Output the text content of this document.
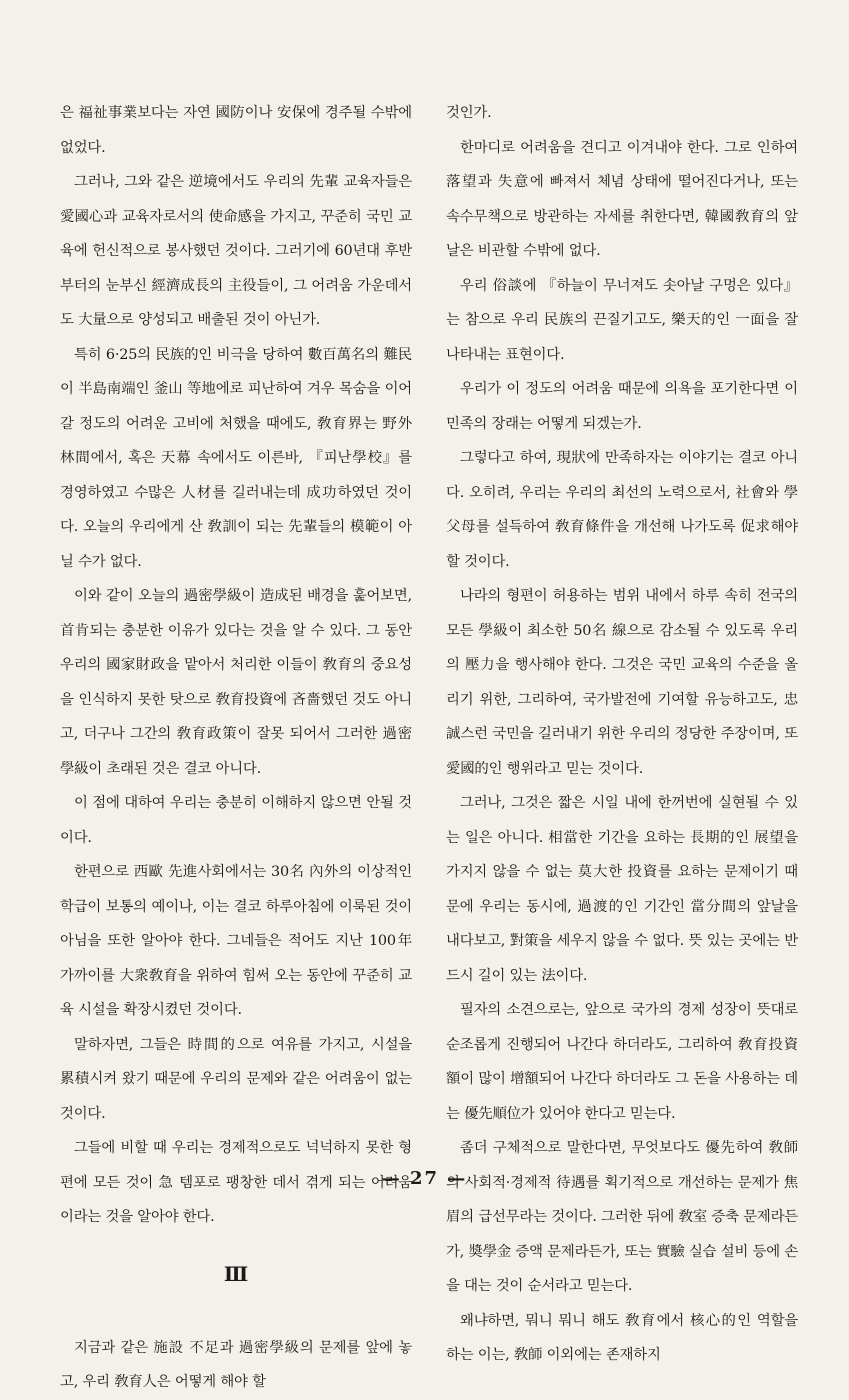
은 福祉事業보다는 자연 國防이나 安保에 경주될 수밖에 없었다.

그러나, 그와 같은 逆境에서도 우리의 先輩 교육자들은 愛國心과 교육자로서의 使命感을 가지고, 꾸준히 국민 교육에 헌신적으로 봉사했던 것이다. 그러기에 60년대 후반부터의 눈부신 經濟成長의 主役들이, 그 어려움 가운데서도 大量으로 양성되고 배출된 것이 아닌가.

특히 6·25의 民族的인 비극을 당하여 數百萬名의 難民이 半島南端인 釜山 等地에로 피난하여 겨우 목숨을 이어갈 정도의 어려운 고비에 처했을 때에도, 敎育界는 野外林間에서, 혹은 天幕 속에서도 이른바, 『피난學校』를 경영하였고 수많은 人材를 길러내는데 成功하였던 것이다. 오늘의 우리에게 산 敎訓이 되는 先輩들의 模範이 아닐 수가 없다.

이와 같이 오늘의 過密學級이 造成된 배경을 훑어보면, 首肯되는 충분한 이유가 있다는 것을 알 수 있다. 그 동안 우리의 國家財政을 맡아서 처리한 이들이 敎育의 중요성을 인식하지 못한 탓으로 敎育投資에 吝嗇했던 것도 아니고, 더구나 그간의 敎育政策이 잘못 되어서 그러한 過密學級이 초래된 것은 결코 아니다.

이 점에 대하여 우리는 충분히 이해하지 않으면 안될 것이다.

한편으로 西歐 先進사회에서는 30名 內外의 이상적인 학급이 보통의 예이나, 이는 결코 하루아침에 이룩된 것이 아님을 또한 알아야 한다. 그네들은 적어도 지난 100年 가까이를 大衆敎育을 위하여 힘써 오는 동안에 꾸준히 교육 시설을 확장시켰던 것이다.

말하자면, 그들은 時間的으로 여유를 가지고, 시설을 累積시켜 왔기 때문에 우리의 문제와 같은 어려움이 없는 것이다.

그들에 비할 때 우리는 경제적으로도 넉넉하지 못한 형편에 모든 것이 急 템포로 팽창한 데서 겪게 되는 어려움이라는 것을 알아야 한다.

Ⅲ

지금과 같은 施設 不足과 過密學級의 문제를 앞에 놓고, 우리 敎育人은 어떻게 해야 할

것인가.

한마디로 어려움을 견디고 이겨내야 한다. 그로 인하여 落望과 失意에 빠져서 체념 상태에 떨어진다거나, 또는 속수무책으로 방관하는 자세를 취한다면, 韓國敎育의 앞날은 비관할 수밖에 없다.

우리 俗談에 『하늘이 무너져도 솟아날 구멍은 있다』는 참으로 우리 民族의 끈질기고도, 樂天的인 一面을 잘 나타내는 표현이다.

우리가 이 정도의 어려움 때문에 의욕을 포기한다면 이 민족의 장래는 어떻게 되겠는가.

그렇다고 하여, 現狀에 만족하자는 이야기는 결코 아니다. 오히려, 우리는 우리의 최선의 노력으로서, 社會와 學父母를 설득하여 敎育條件을 개선해 나가도록 促求해야 할 것이다.

나라의 형편이 허용하는 범위 내에서 하루 속히 전국의 모든 學級이 최소한 50名 線으로 감소될 수 있도록 우리의 壓力을 행사해야 한다. 그것은 국민 교육의 수준을 올리기 위한, 그리하여, 국가발전에 기여할 유능하고도, 忠誠스런 국민을 길러내기 위한 우리의 정당한 주장이며, 또 愛國的인 행위라고 믿는 것이다.

그러나, 그것은 짧은 시일 내에 한꺼번에 실현될 수 있는 일은 아니다. 相當한 기간을 요하는 長期的인 展望을 가지지 않을 수 없는 莫大한 投資를 요하는 문제이기 때문에 우리는 동시에, 過渡的인 기간인 當分間의 앞날을 내다보고, 對策을 세우지 않을 수 없다. 뜻 있는 곳에는 반드시 길이 있는 法이다.

필자의 소견으로는, 앞으로 국가의 경제 성장이 뜻대로 순조롭게 진행되어 나간다 하더라도, 그리하여 敎育投資額이 많이 增額되어 나간다 하더라도 그 돈을 사용하는 데는 優先順位가 있어야 한다고 믿는다.

좀더 구체적으로 말한다면, 무엇보다도 優先하여 敎師의 사회적·경제적 待遇를 획기적으로 개선하는 문제가 焦眉의 급선무라는 것이다. 그러한 뒤에 敎室 증축 문제라든가, 奬學金 증액 문제라든가, 또는 實驗 실습 설비 등에 손을 대는 것이 순서라고 믿는다.

왜냐하면, 뭐니 뭐니 해도 敎育에서 核心的인 역할을 하는 이는, 敎師 이외에는 존재하지

— 27 —
